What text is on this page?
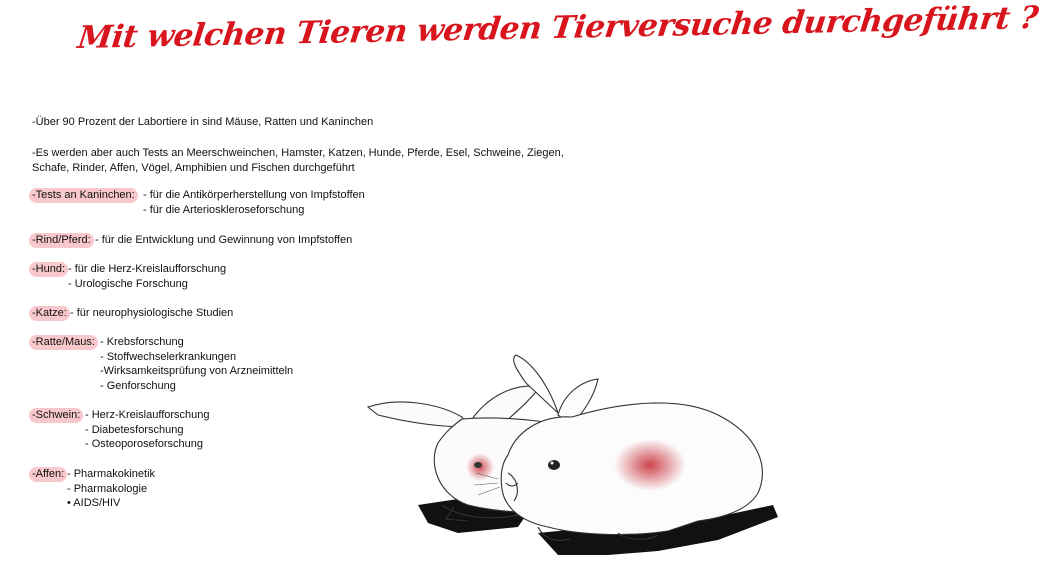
Mit welchen Tieren werden Tierversuche durchgeführt ?
-Über 90 Prozent der Labortiere in sind Mäuse, Ratten und Kaninchen
-Es werden aber auch Tests an Meerschweinchen, Hamster, Katzen, Hunde, Pferde, Esel, Schweine, Ziegen,
Schafe, Rinder, Affen, Vögel, Amphibien und Fischen durchgeführt
-Tests an Kaninchen: - für die Antikörperherstellung von Impfstoffen
- für die Arterioskleroseforschung
-Rind/Pferd: - für die Entwicklung und Gewinnung von Impfstoffen
-Hund: - für die Herz-Kreislaufforschung
- Urologische Forschung
-Katze: - für neurophysiologische Studien
-Ratte/Maus: - Krebsforschung
- Stoffwechselerkrankungen
-Wirksamkeitsprüfung von Arzneimitteln
- Genforschung
-Schwein: - Herz-Kreislaufforschung
- Diabetesforschung
- Osteoporoseforschung
-Affen: - Pharmakokinetik
- Pharmakologie
• AIDS/HIV
